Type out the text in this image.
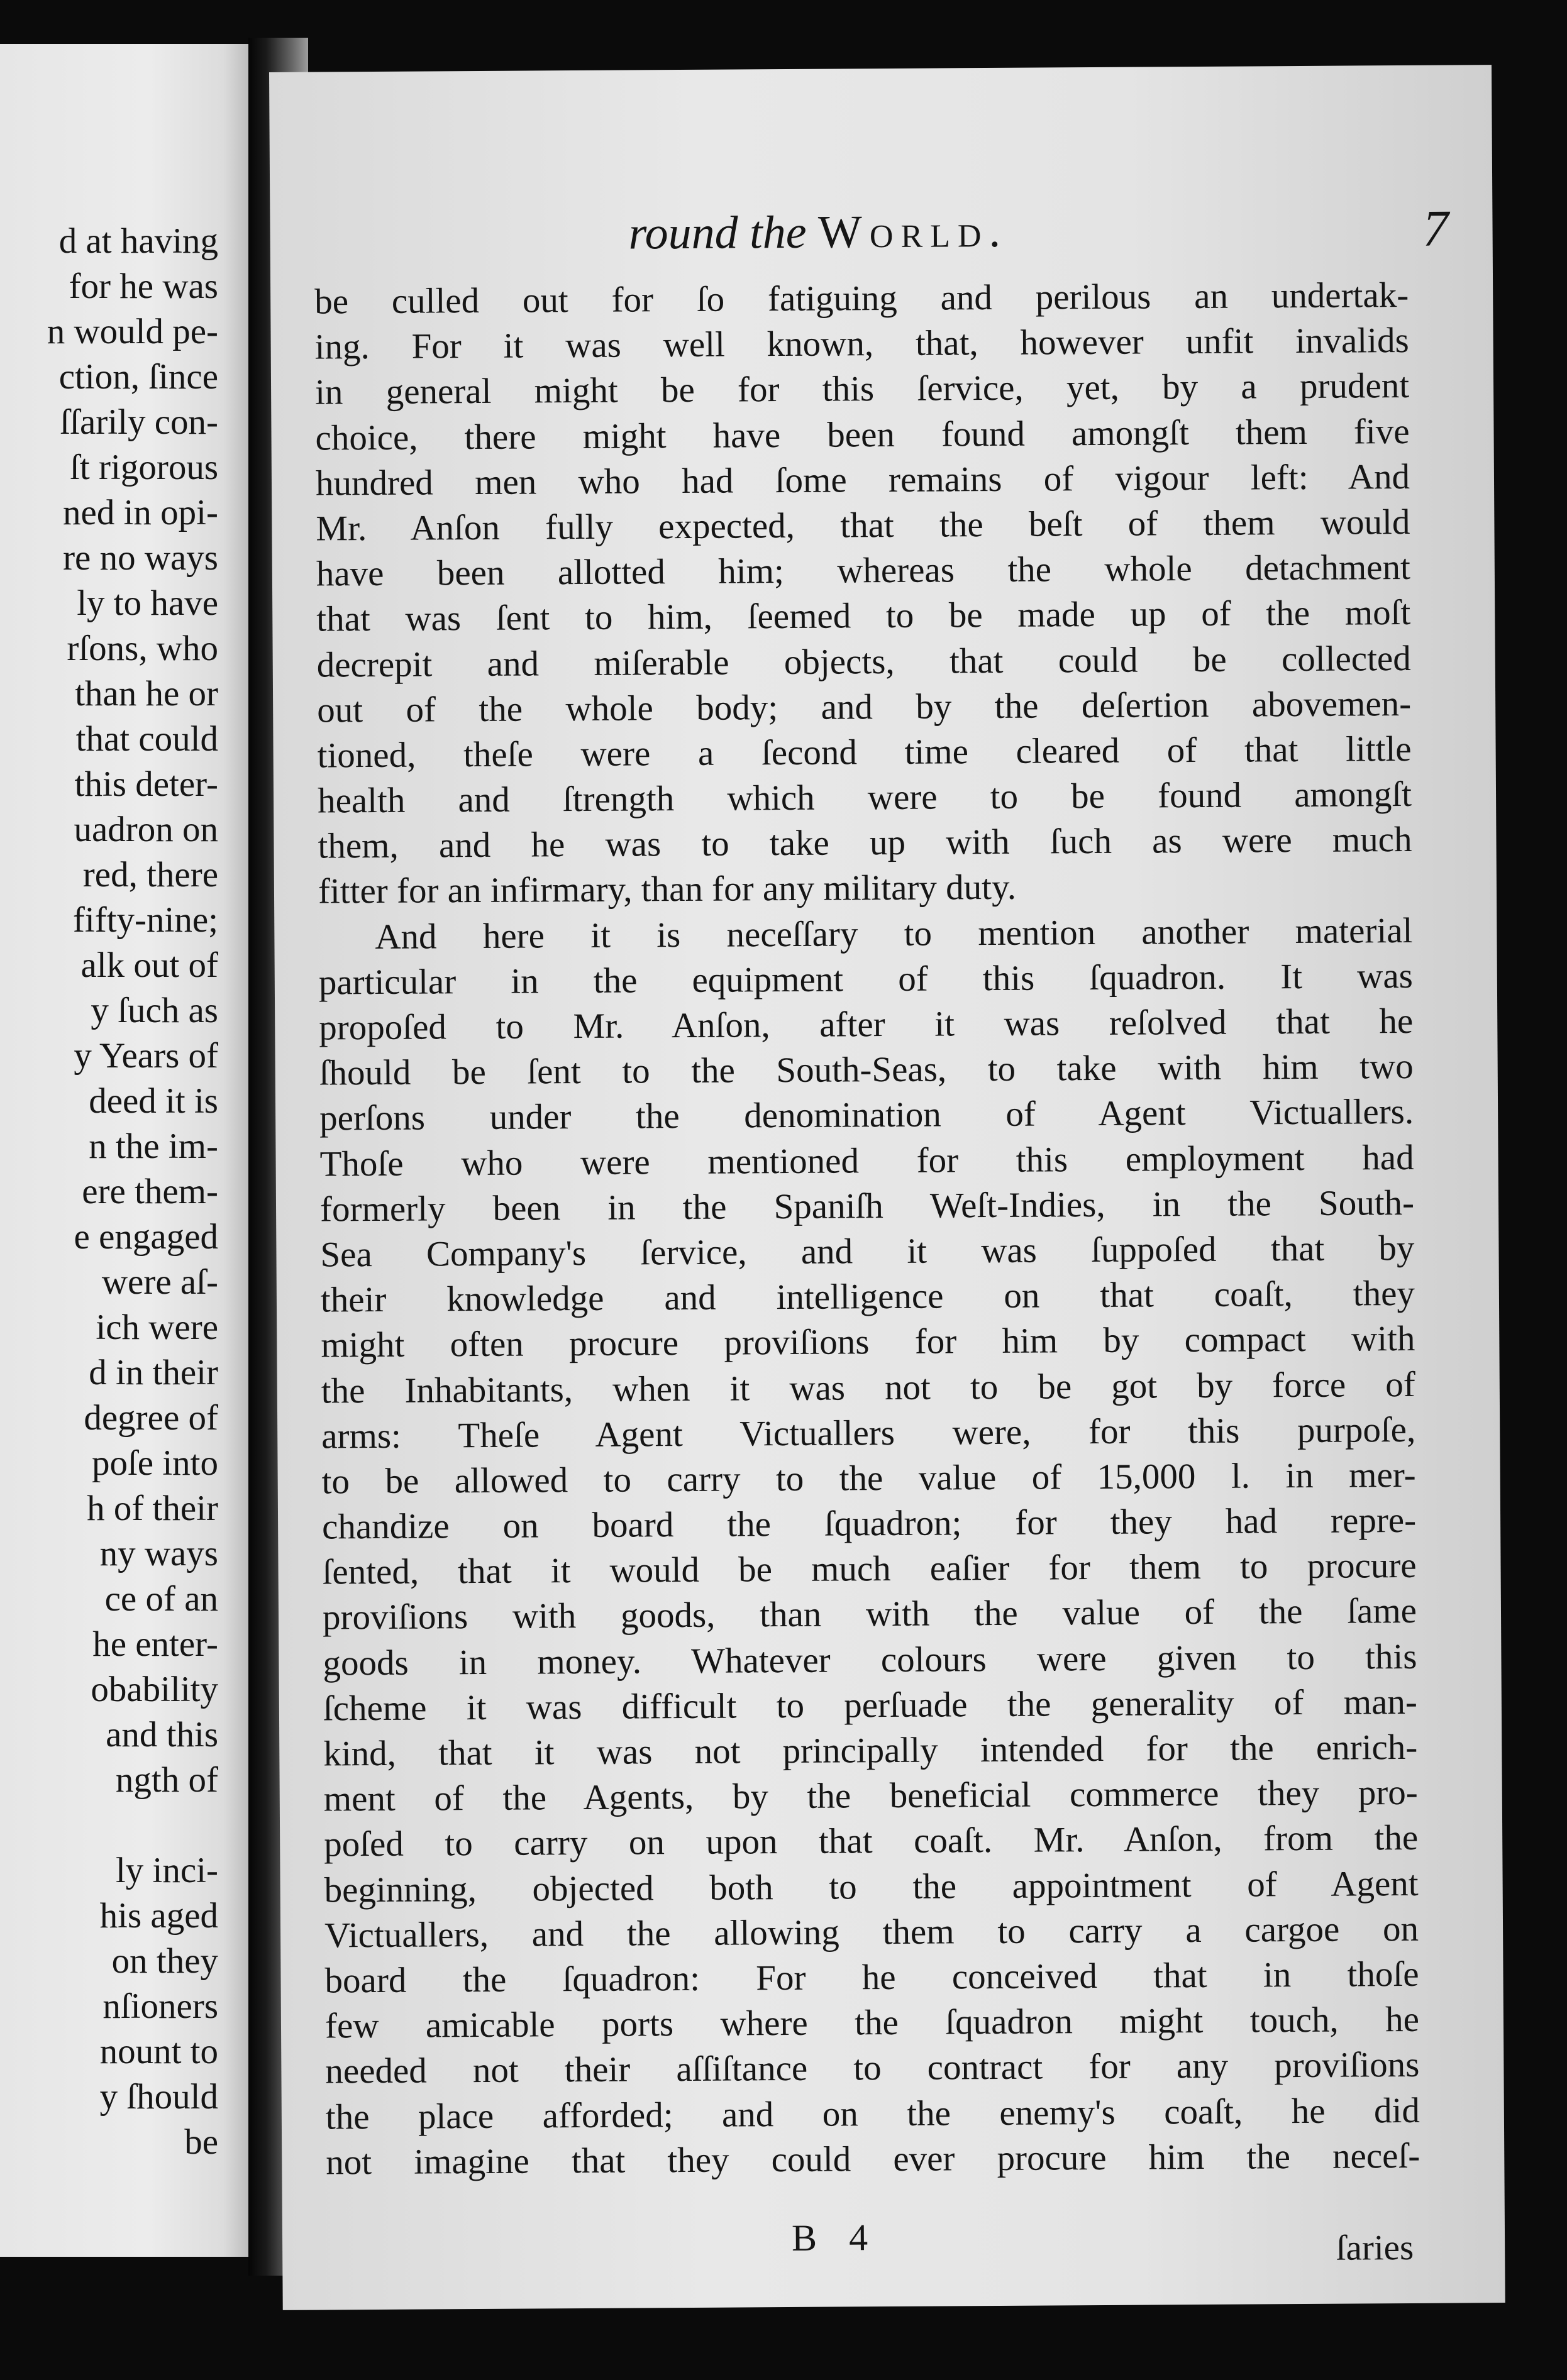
d at having
for he was
n would pe-
ction, ſince
ſſarily con-
ſt rigorous
ned in opi-
re no ways
ly to have
rſons, who
than he or
that could
this deter-
uadron on
red, there
fifty-nine;
alk out of
y ſuch as
y Years of
deed it is
n the im-
ere them-
e engaged
were aſ-
ich were
d in their
degree of
poſe into
h of their
ny ways
ce of an
he enter-
obability
and this
ngth of
ly inci-
his aged
on they
nſioners
nount to
y ſhould
be
round the World.	7
be culled out for ſo fatiguing and perilous an undertak-
ing. For it was well known, that, however unfit invalids
in general might be for this ſervice, yet, by a prudent
choice, there might have been found amongſt them five
hundred men who had ſome remains of vigour left: And
Mr. Anſon fully expected, that the beſt of them would
have been allotted him; whereas the whole detachment
that was ſent to him, ſeemed to be made up of the moſt
decrepit and miſerable objects, that could be collected
out of the whole body; and by the deſertion abovemen-
tioned, theſe were a ſecond time cleared of that little
health and ſtrength which were to be found amongſt
them, and he was to take up with ſuch as were much
fitter for an infirmary, than for any military duty.
And here it is neceſſary to mention another material
particular in the equipment of this ſquadron. It was
propoſed to Mr. Anſon, after it was reſolved that he
ſhould be ſent to the South-Seas, to take with him two
perſons under the denomination of Agent Victuallers.
Thoſe who were mentioned for this employment had
formerly been in the Spaniſh Weſt-Indies, in the South-
Sea Company's ſervice, and it was ſuppoſed that by
their knowledge and intelligence on that coaſt, they
might often procure proviſions for him by compact with
the Inhabitants, when it was not to be got by force of
arms: Theſe Agent Victuallers were, for this purpoſe,
to be allowed to carry to the value of 15,000 l. in mer-
chandize on board the ſquadron; for they had repre-
ſented, that it would be much eaſier for them to procure
proviſions with goods, than with the value of the ſame
goods in money. Whatever colours were given to this
ſcheme it was difficult to perſuade the generality of man-
kind, that it was not principally intended for the enrich-
ment of the Agents, by the beneficial commerce they pro-
poſed to carry on upon that coaſt. Mr. Anſon, from the
beginning, objected both to the appointment of Agent
Victuallers, and the allowing them to carry a cargoe on
board the ſquadron: For he conceived that in thoſe
few amicable ports where the ſquadron might touch, he
needed not their aſſiſtance to contract for any proviſions
the place afforded; and on the enemy's coaſt, he did
not imagine that they could ever procure him the neceſ-
B 4	ſaries
